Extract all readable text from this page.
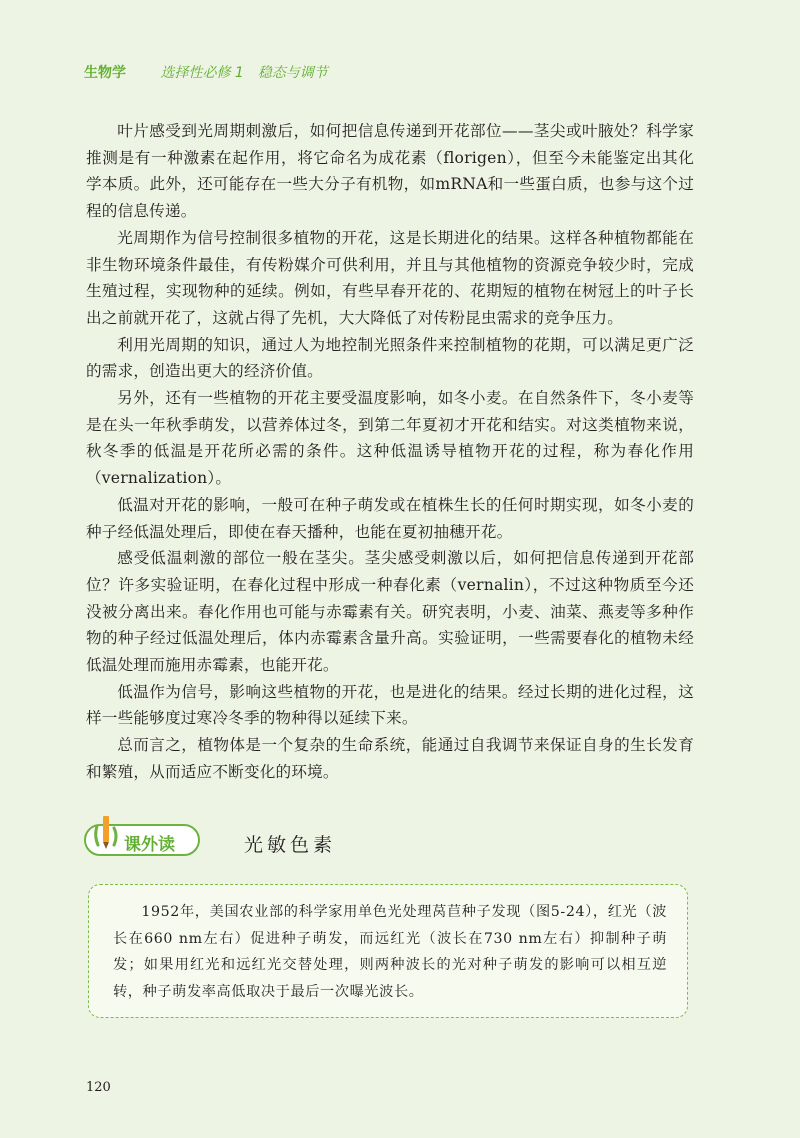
生物学 选择性必修 1　稳态与调节

叶片感受到光周期刺激后，如何把信息传递到开花部位——茎尖或叶腋处？科学家推测是有一种激素在起作用，将它命名为成花素（florigen），但至今未能鉴定出其化学本质。此外，还可能存在一些大分子有机物，如mRNA和一些蛋白质，也参与这个过程的信息传递。

光周期作为信号控制很多植物的开花，这是长期进化的结果。这样各种植物都能在非生物环境条件最佳，有传粉媒介可供利用，并且与其他植物的资源竞争较少时，完成生殖过程，实现物种的延续。例如，有些早春开花的、花期短的植物在树冠上的叶子长出之前就开花了，这就占得了先机，大大降低了对传粉昆虫需求的竞争压力。

利用光周期的知识，通过人为地控制光照条件来控制植物的花期，可以满足更广泛的需求，创造出更大的经济价值。

另外，还有一些植物的开花主要受温度影响，如冬小麦。在自然条件下，冬小麦等是在头一年秋季萌发，以营养体过冬，到第二年夏初才开花和结实。对这类植物来说，秋冬季的低温是开花所必需的条件。这种低温诱导植物开花的过程，称为春化作用（vernalization）。

低温对开花的影响，一般可在种子萌发或在植株生长的任何时期实现，如冬小麦的种子经低温处理后，即使在春天播种，也能在夏初抽穗开花。

感受低温刺激的部位一般在茎尖。茎尖感受刺激以后，如何把信息传递到开花部位？许多实验证明，在春化过程中形成一种春化素（vernalin），不过这种物质至今还没被分离出来。春化作用也可能与赤霉素有关。研究表明，小麦、油菜、燕麦等多种作物的种子经过低温处理后，体内赤霉素含量升高。实验证明，一些需要春化的植物未经低温处理而施用赤霉素，也能开花。

低温作为信号，影响这些植物的开花，也是进化的结果。经过长期的进化过程，这样一些能够度过寒冷冬季的物种得以延续下来。

总而言之，植物体是一个复杂的生命系统，能通过自我调节来保证自身的生长发育和繁殖，从而适应不断变化的环境。

课外读	光敏色素

1952年，美国农业部的科学家用单色光处理莴苣种子发现（图5-24），红光（波长在660 nm左右）促进种子萌发，而远红光（波长在730 nm左右）抑制种子萌发；如果用红光和远红光交替处理，则两种波长的光对种子萌发的影响可以相互逆转，种子萌发率高低取决于最后一次曝光波长。

120
